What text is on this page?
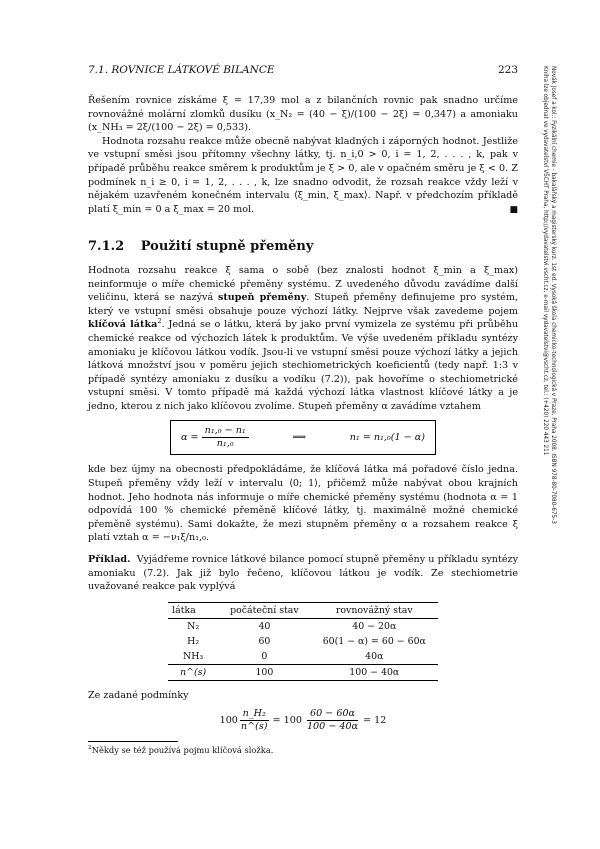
7.1. ROVNICE LÁTKOVÉ BILANCE	223

Řešením rovnice získáme ξ = 17,39 mol a z bilančních rovnic pak snadno určíme rovnovážné molární zlomků dusíku (x_N₂ = (40 − ξ)/(100 − 2ξ) = 0,347) a amoniaku (x_NH₃ = 2ξ/(100 − 2ξ) = 0,533).

Hodnota rozsahu reakce může obecně nabývat kladných i záporných hodnot. Jestliže ve vstupní směsi jsou přítomny všechny látky, tj. n_i,0 > 0, i = 1, 2, . . . , k, pak v případě průběhu reakce směrem k produktům je ξ > 0, ale v opačném směru je ξ < 0. Z podmínek n_i ≥ 0, i = 1, 2, . . . , k, lze snadno odvodit, že rozsah reakce vždy leží v nějakém uzavřeném konečném intervalu ⟨ξ_min, ξ_max⟩. Např. v předchozím příkladě platí ξ_min = 0 a ξ_max = 20 mol.	■

7.1.2 Použití stupně přeměny

Hodnota rozsahu reakce ξ sama o sobě (bez znalosti hodnot ξ_min a ξ_max) neinformuje o míře chemické přeměny systému. Z uvedeného důvodu zavádíme další veličinu, která se nazývá stupeň přeměny. Stupeň přeměny definujeme pro systém, který ve vstupní směsi obsahuje pouze výchozí látky. Nejprve však zavedeme pojem klíčová látka$^2$. Jedná se o látku, která by jako první vymizela ze systému při průběhu chemické reakce od výchozích látek k produktům. Ve výše uvedeném příkladu syntézy amoniaku je klíčovou látkou vodík. Jsou-li ve vstupní směsi pouze výchozí látky a jejich látková množství jsou v poměru jejich stechiometrických koeficientů (tedy např. 1:3 v případě syntézy amoniaku z dusíku a vodíku (7.2)), pak hovoříme o stechiometrické vstupní směsi. V tomto případě má každá výchozí látka vlastnost klíčové látky a je jedno, kterou z nich jako klíčovou zvolíme. Stupeň přeměny α zavádíme vztahem

α =
$\frac{\text{n₁,₀ − n₁}}{\text{n₁,₀}}$	⟹	n₁ = n₁,₀(1 − α)

kde bez újmy na obecnosti předpokládáme, že klíčová látka má pořadové číslo jedna. Stupeň přeměny vždy leží v intervalu ⟨0; 1⟩, přičemž může nabývat obou krajních hodnot. Jeho hodnota nás informuje o míře chemické přeměny systému (hodnota α = 1 odpovídá 100 % chemické přeměně klíčové látky, tj. maximálně možné chemické přeměně systému). Sami dokažte, že mezi stupněm přeměny α a rozsahem reakce ξ platí vztah α = −ν₁ξ/n₁,₀.

Příklad. Vyjádřeme rovnice látkové bilance pomocí stupně přeměny u příkladu syntézy amoniaku (7.2). Jak již bylo řečeno, klíčovou látkou je vodík. Ze stechiometrie uvažované reakce pak vyplývá

látka	počáteční stav	rovnovážný stav
N₂	40	40 − 20α
H₂	60	60(1 − α) = 60 − 60α
NH₃	0	40α
n^(s)	100	100 − 40α

Ze zadané podmínky

$100 \frac{\text{n\_H₂}}{n\^{}(s)} = 100 \frac{60 - 60\alpha}{100 - 40\alpha} = 12$

$^2$Někdy se též používá pojmu klíčová složka.

Novák Josef a kol.: Fyzikální chemie - bakalářský a magisterský kurz. 1st ed. Vysoká škola chemicko-technologická v Praze, Praha 2008. ISBN 978-80-7080-675-3
Kniha lze objednat ve vydavatelství VŠCHT Praha, http://vydavatelstvi.vscht.cz, e-mail vydavatelstvi@vscht.cz, tel.: (+420) 220 443 211
